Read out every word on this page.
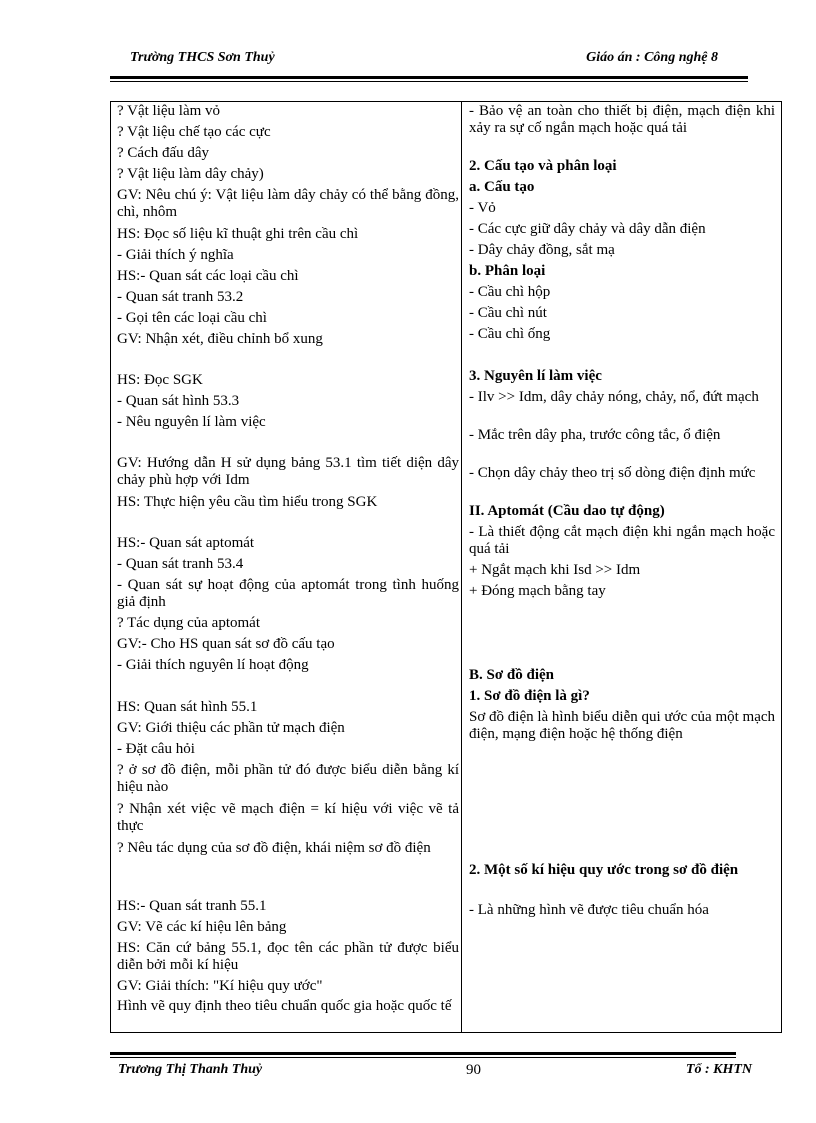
Trường THCS Sơn Thuỷ	Giáo án : Công nghệ 8
? Vật liệu làm vỏ
? Vật liệu chế tạo các cực
? Cách đấu dây
? Vật liệu làm dây chảy)
GV: Nêu chú ý: Vật liệu làm dây chảy có thể bằng đồng, chì, nhôm
HS: Đọc số liệu kĩ thuật ghi trên cầu chì
- Giải thích ý nghĩa
HS:- Quan sát các loại cầu chì
- Quan sát tranh 53.2
- Gọi tên các loại cầu chì
GV: Nhận xét, điều chỉnh bổ xung
HS: Đọc SGK
- Quan sát hình 53.3
- Nêu nguyên lí làm việc
GV: Hướng dẫn H sử dụng bảng 53.1 tìm tiết diện dây chảy phù hợp với Idm
HS: Thực hiện yêu cầu tìm hiểu trong SGK
HS:- Quan sát aptomát
- Quan sát tranh 53.4
- Quan sát sự hoạt động của aptomát trong tình huống giả định
? Tác dụng của aptomát
GV:- Cho HS quan sát sơ đồ cấu tạo
- Giải thích nguyên lí hoạt động
HS: Quan sát hình 55.1
GV: Giới thiệu các phần tử mạch điện
- Đặt câu hỏi
? ở sơ đồ điện, mỗi phần tử đó được biểu diễn bằng kí hiệu nào
? Nhận xét việc vẽ mạch điện = kí hiệu với việc vẽ tả thực
? Nêu tác dụng của sơ đồ điện, khái niệm sơ đồ điện
HS:- Quan sát tranh 55.1
GV: Vẽ các kí hiệu lên bảng
HS: Căn cứ bảng 55.1, đọc tên các phần tử được biểu diễn bởi mỗi kí hiệu
GV: Giải thích: "Kí hiệu quy ước"
Hình vẽ quy định theo tiêu chuẩn quốc gia hoặc quốc tế
- Bảo vệ an toàn cho thiết bị điện, mạch điện khi xảy ra sự cố ngắn mạch hoặc quá tải
2. Cấu tạo và phân loại
a. Cấu tạo
- Vỏ
- Các cực giữ dây chảy và dây dẫn điện
- Dây chảy đồng, sắt mạ
b. Phân loại
- Cầu chì hộp
- Cầu chì nút
- Cầu chì ống
3. Nguyên lí làm việc
- Ilv >> Idm, dây chảy nóng, chảy, nổ, đứt mạch
- Mắc trên dây pha, trước công tắc, ổ điện
- Chọn dây chảy theo trị số dòng điện định mức
II. Aptomát (Cầu dao tự động)
- Là thiết động cắt mạch điện khi ngắn mạch hoặc quá tải
+ Ngắt mạch khi Isd >> Idm
+ Đóng mạch bằng tay
B. Sơ đồ điện
1. Sơ đồ điện là gì?
Sơ đồ điện là hình biểu diễn qui ước của một mạch điện, mạng điện hoặc hệ thống điện
2. Một số kí hiệu quy ước trong sơ đồ điện
- Là những hình vẽ được tiêu chuẩn hóa
Trương Thị Thanh Thuỷ	90	Tổ : KHTN
